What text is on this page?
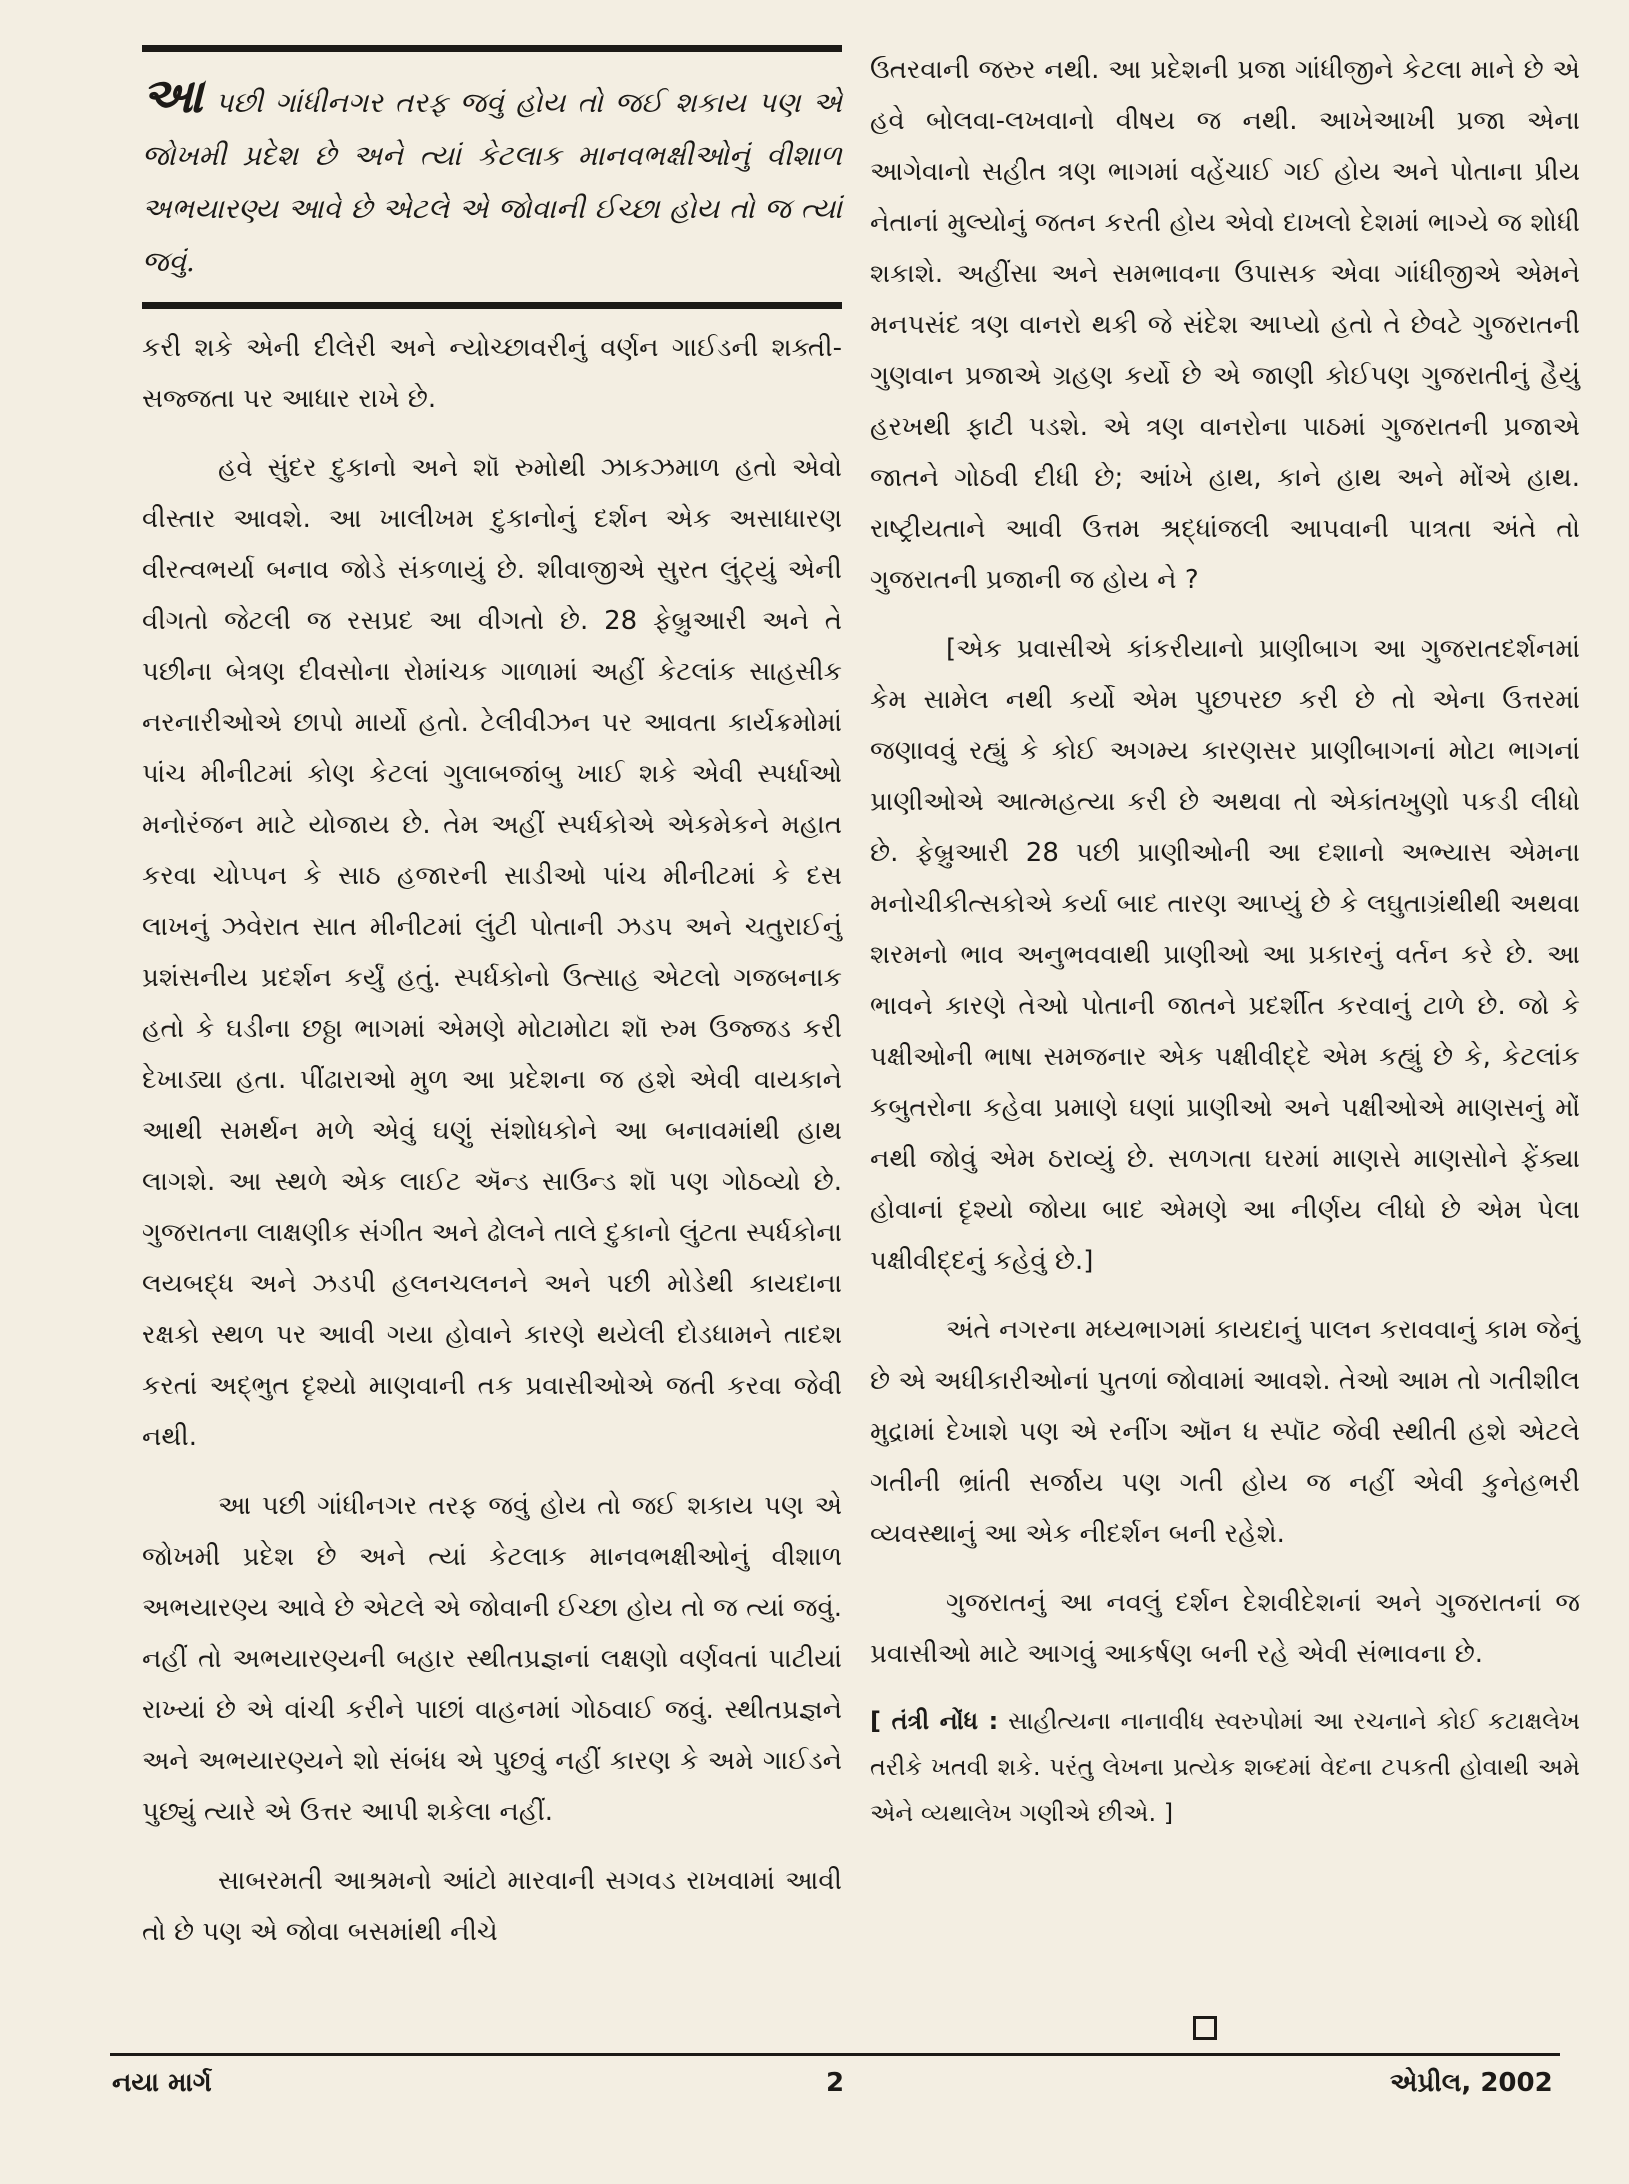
આપછી ગાંધીનગર તરફ જવું હોય તો જઈ શકાય પણ એ જોખમી પ્રદેશ છે અને ત્યાં કેટલાક માનવભક્ષીઓનું વીશાળ અભયારણ્ય આવે છે એટલે એ જોવાની ઈચ્છા હોય તો જ ત્યાં જવું.

કરી શકે એની દીલેરી અને ન્યોચ્છાવરીનું વર્ણન ગાઈડની શક્તી-સજ્જતા પર આધાર રાખે છે.

હવે સુંદર દુકાનો અને શૉ રુમોથી ઝાકઝમાળ હતો એવો વીસ્તાર આવશે. આ ખાલીખમ દુકાનોનું દર્શન એક અસાધારણ વીરત્વભર્યા બનાવ જોડે સંકળાયું છે. શીવાજીએ સુરત લુંટ્યું એની વીગતો જેટલી જ રસપ્રદ આ વીગતો છે. 28 ફેબ્રુઆરી અને તે પછીના બેત્રણ દીવસોના રોમાંચક ગાળામાં અહીં કેટલાંક સાહસીક નરનારીઓએ છાપો માર્યો હતો. ટેલીવીઝન પર આવતા કાર્યક્રમોમાં પાંચ મીનીટમાં કોણ કેટલાં ગુલાબજાંબુ ખાઈ શકે એવી સ્પર્ધાઓ મનોરંજન માટે યોજાય છે. તેમ અહીં સ્પર્ધકોએ એકમેકને મહાત કરવા ચોપ્પન કે સાઠ હજારની સાડીઓ પાંચ મીનીટમાં કે દસ લાખનું ઝવેરાત સાત મીનીટમાં લુંટી પોતાની ઝડપ અને ચતુરાઈનું પ્રશંસનીય પ્રદર્શન કર્યું હતું. સ્પર્ધકોનો ઉત્સાહ એટલો ગજબનાક હતો કે ઘડીના છઠ્ઠા ભાગમાં એમણે મોટામોટા શૉ રુમ ઉજ્જડ કરી દેખાડ્યા હતા. પીંઢારાઓ મુળ આ પ્રદેશના જ હશે એવી વાયકાને આથી સમર્થન મળે એવું ઘણું સંશોધકોને આ બનાવમાંથી હાથ લાગશે. આ સ્થળે એક લાઈટ ઍન્ડ સાઉન્ડ શૉ પણ ગોઠવ્યો છે. ગુજરાતના લાક્ષણીક સંગીત અને ઢોલને તાલે દુકાનો લુંટતા સ્પર્ધકોના લયબદ્ધ અને ઝડપી હલનચલનને અને પછી મોડેથી કાયદાના રક્ષકો સ્થળ પર આવી ગયા હોવાને કારણે થયેલી દોડધામને તાદશ કરતાં અદ્ભુત દૃશ્યો માણવાની તક પ્રવાસીઓએ જતી કરવા જેવી નથી.

આ પછી ગાંધીનગર તરફ જવું હોય તો જઈ શકાય પણ એ જોખમી પ્રદેશ છે અને ત્યાં કેટલાક માનવભક્ષીઓનું વીશાળ અભયારણ્ય આવે છે એટલે એ જોવાની ઈચ્છા હોય તો જ ત્યાં જવું. નહીં તો અભયારણ્યની બહાર સ્થીતપ્રજ્ઞનાં લક્ષણો વર્ણવતાં પાટીયાં રાખ્યાં છે એ વાંચી કરીને પાછાં વાહનમાં ગોઠવાઈ જવું. સ્થીતપ્રજ્ઞને અને અભયારણ્યને શો સંબંધ એ પુછવું નહીં કારણ કે અમે ગાઈડને પુછ્યું ત્યારે એ ઉત્તર આપી શકેલા નહીં.

સાબરમતી આશ્રમનો આંટો મારવાની સગવડ રાખવામાં આવી તો છે પણ એ જોવા બસમાંથી નીચે

ઉતરવાની જરુર નથી. આ પ્રદેશની પ્રજા ગાંધીજીને કેટલા માને છે એ હવે બોલવા-લખવાનો વીષય જ નથી. આખેઆખી પ્રજા એના આગેવાનો સહીત ત્રણ ભાગમાં વહેંચાઈ ગઈ હોય અને પોતાના પ્રીય નેતાનાં મુલ્યોનું જતન કરતી હોય એવો દાખલો દેશમાં ભાગ્યે જ શોધી શકાશે. અહીંસા અને સમભાવના ઉપાસક એવા ગાંધીજીએ એમને મનપસંદ ત્રણ વાનરો થકી જે સંદેશ આપ્યો હતો તે છેવટે ગુજરાતની ગુણવાન પ્રજાએ ગ્રહણ કર્યો છે એ જાણી કોઈપણ ગુજરાતીનું હૈયું હરખથી ફાટી પડશે. એ ત્રણ વાનરોના પાઠમાં ગુજરાતની પ્રજાએ જાતને ગોઠવી દીધી છે; આંખે હાથ, કાને હાથ અને મોંએ હાથ. રાષ્ટ્રીયતાને આવી ઉત્તમ શ્રદ્ધાંજલી આપવાની પાત્રતા અંતે તો ગુજરાતની પ્રજાની જ હોય ને ?

[એક પ્રવાસીએ કાંકરીયાનો પ્રાણીબાગ આ ગુજરાતદર્શનમાં કેમ સામેલ નથી કર્યો એમ પુછપરછ કરી છે તો એના ઉત્તરમાં જણાવવું રહ્યું કે કોઈ અગમ્ય કારણસર પ્રાણીબાગનાં મોટા ભાગનાં પ્રાણીઓએ આત્મહત્યા કરી છે અથવા તો એકાંતખુણો પકડી લીધો છે. ફેબ્રુઆરી 28 પછી પ્રાણીઓની આ દશાનો અભ્યાસ એમના મનોચીકીત્સકોએ કર્યા બાદ તારણ આપ્યું છે કે લઘુતાગ્રંથીથી અથવા શરમનો ભાવ અનુભવવાથી પ્રાણીઓ આ પ્રકારનું વર્તન કરે છે. આ ભાવને કારણે તેઓ પોતાની જાતને પ્રદર્શીત કરવાનું ટાળે છે. જો કે પક્ષીઓની ભાષા સમજનાર એક પક્ષીવીદ્દે એમ કહ્યું છે કે, કેટલાંક કબુતરોના કહેવા પ્રમાણે ઘણાં પ્રાણીઓ અને પક્ષીઓએ માણસનું મોં નથી જોવું એમ ઠરાવ્યું છે. સળગતા ઘરમાં માણસે માણસોને ફેંક્યા હોવાનાં દૃશ્યો જોયા બાદ એમણે આ નીર્ણય લીધો છે એમ પેલા પક્ષીવીદ્દનું કહેવું છે.]

અંતે નગરના મધ્યભાગમાં કાયદાનું પાલન કરાવવાનું કામ જેનું છે એ અધીકારીઓનાં પુતળાં જોવામાં આવશે. તેઓ આમ તો ગતીશીલ મુદ્રામાં દેખાશે પણ એ રનીંગ ઑન ધ સ્પૉટ જેવી સ્થીતી હશે એટલે ગતીની ભ્રાંતી સર્જાય પણ ગતી હોય જ નહીં એવી કુનેહભરી વ્યવસ્થાનું આ એક નીદર્શન બની રહેશે.

ગુજરાતનું આ નવલું દર્શન દેશવીદેશનાં અને ગુજરાતનાં જ પ્રવાસીઓ માટે આગવું આકર્ષણ બની રહે એવી સંભાવના છે.

[ તંત્રી નોંધ : સાહીત્યના નાનાવીધ સ્વરુપોમાં આ રચનાને કોઈ કટાક્ષલેખ તરીકે ખતવી શકે. પરંતુ લેખના પ્રત્યેક શબ્દમાં વેદના ટપકતી હોવાથી અમે એને વ્યથાલેખ ગણીએ છીએ. ]
નયા માર્ગ	2	એપ્રીલ, 2002
